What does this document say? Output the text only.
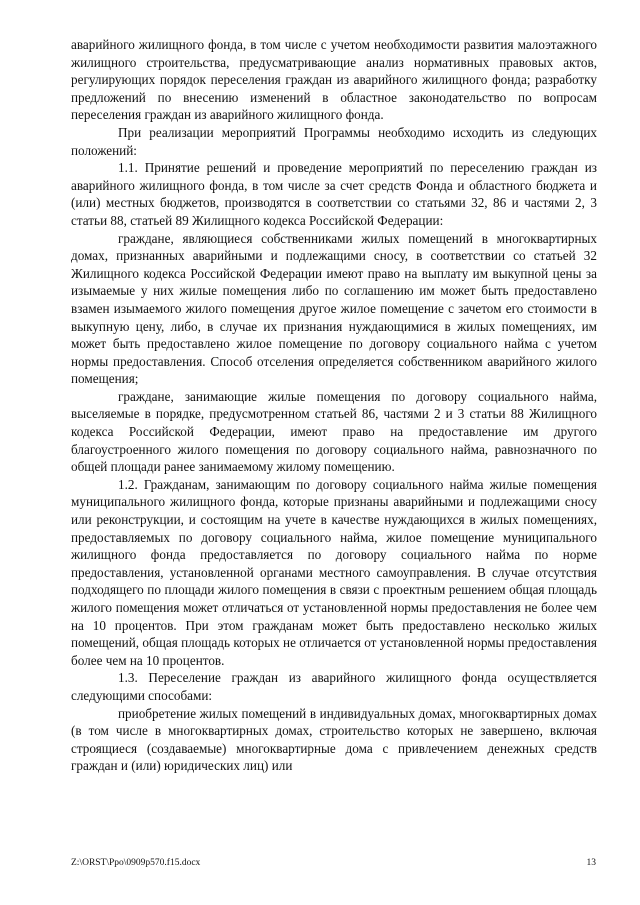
аварийного жилищного фонда, в том числе с учетом необходимости развития малоэтажного жилищного строительства, предусматривающие анализ нормативных правовых актов, регулирующих порядок переселения граждан из аварийного жилищного фонда; разработку предложений по внесению изменений в областное законодательство по вопросам переселения граждан из аварийного жилищного фонда.

При реализации мероприятий Программы необходимо исходить из следующих положений:

1.1. Принятие решений и проведение мероприятий по переселению граждан из аварийного жилищного фонда, в том числе за счет средств Фонда и областного бюджета и (или) местных бюджетов, производятся в соответствии со статьями 32, 86 и частями 2, 3 статьи 88, статьей 89 Жилищного кодекса Российской Федерации:

граждане, являющиеся собственниками жилых помещений в многоквартирных домах, признанных аварийными и подлежащими сносу, в соответствии со статьей 32 Жилищного кодекса Российской Федерации имеют право на выплату им выкупной цены за изымаемые у них жилые помещения либо по соглашению им может быть предоставлено взамен изымаемого жилого помещения другое жилое помещение с зачетом его стоимости в выкупную цену, либо, в случае их признания нуждающимися в жилых помещениях, им может быть предоставлено жилое помещение по договору социального найма с учетом нормы предоставления. Способ отселения определяется собственником аварийного жилого помещения;

граждане, занимающие жилые помещения по договору социального найма, выселяемые в порядке, предусмотренном статьей 86, частями 2 и 3 статьи 88 Жилищного кодекса Российской Федерации, имеют право на предоставление им другого благоустроенного жилого помещения по договору социального найма, равнозначного по общей площади ранее занимаемому жилому помещению.

1.2. Гражданам, занимающим по договору социального найма жилые помещения муниципального жилищного фонда, которые признаны аварийными и подлежащими сносу или реконструкции, и состоящим на учете в качестве нуждающихся в жилых помещениях, предоставляемых по договору социального найма, жилое помещение муниципального жилищного фонда предоставляется по договору социального найма по норме предоставления, установленной органами местного самоуправления. В случае отсутствия подходящего по площади жилого помещения в связи с проектным решением общая площадь жилого помещения может отличаться от установленной нормы предоставления не более чем на 10 процентов. При этом гражданам может быть предоставлено несколько жилых помещений, общая площадь которых не отличается от установленной нормы предоставления более чем на 10 процентов.

1.3. Переселение граждан из аварийного жилищного фонда осуществляется следующими способами:

приобретение жилых помещений в индивидуальных домах, многоквартирных домах (в том числе в многоквартирных домах, строительство которых не завершено, включая строящиеся (создаваемые) многоквартирные дома с привлечением денежных средств граждан и (или) юридических лиц) или

Z:\ORST\Ppo\0909p570.f15.docx	13
